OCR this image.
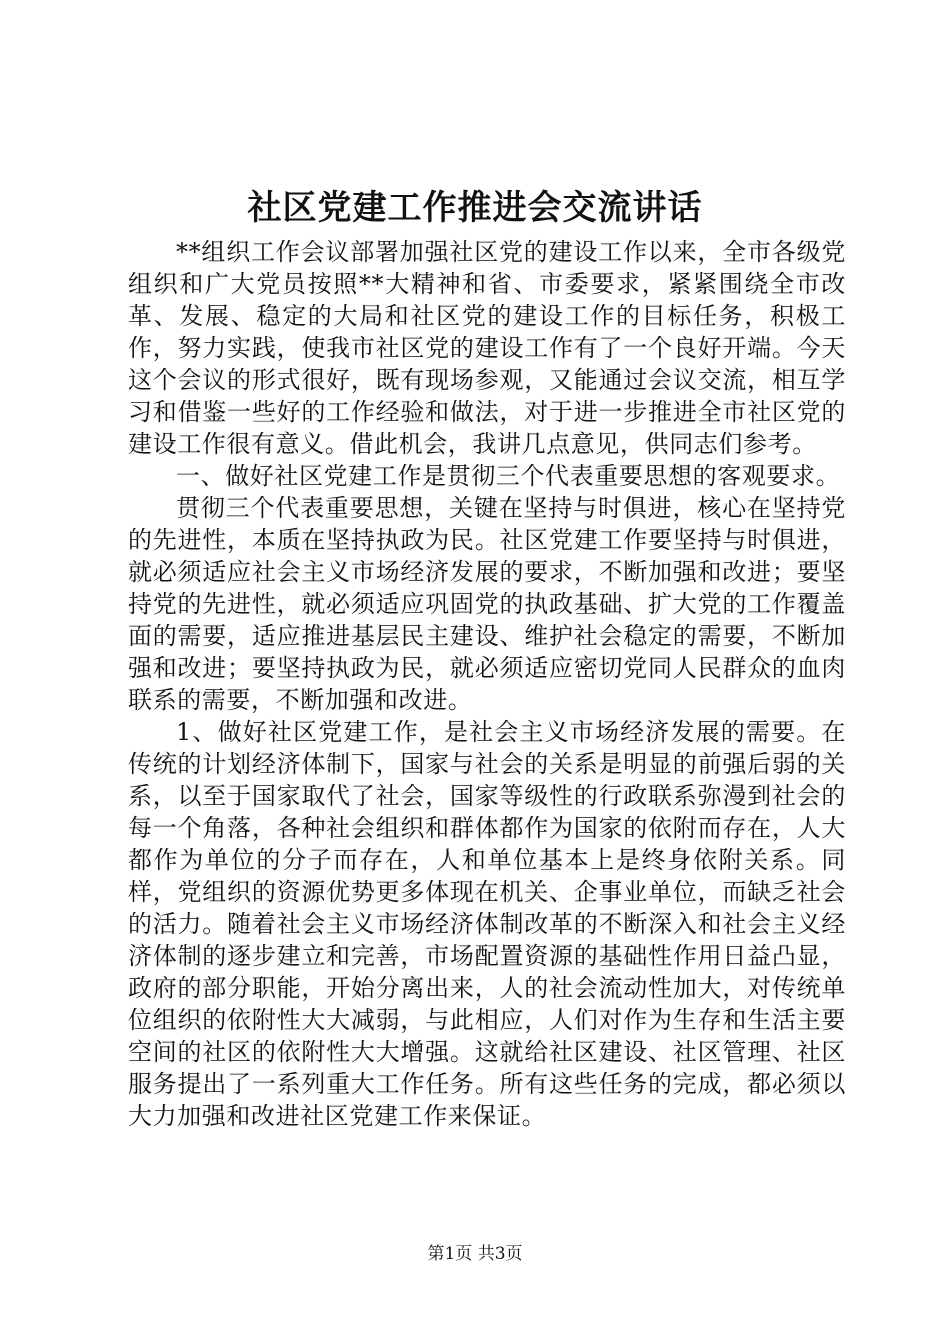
社区党建工作推进会交流讲话

**组织工作会议部署加强社区党的建设工作以来，全市各级党组织和广大党员按照**大精神和省、市委要求，紧紧围绕全市改革、发展、稳定的大局和社区党的建设工作的目标任务，积极工作，努力实践，使我市社区党的建设工作有了一个良好开端。今天这个会议的形式很好，既有现场参观，又能通过会议交流，相互学习和借鉴一些好的工作经验和做法，对于进一步推进全市社区党的建设工作很有意义。借此机会，我讲几点意见，供同志们参考。

一、做好社区党建工作是贯彻三个代表重要思想的客观要求。

贯彻三个代表重要思想，关键在坚持与时俱进，核心在坚持党的先进性，本质在坚持执政为民。社区党建工作要坚持与时俱进，就必须适应社会主义市场经济发展的要求，不断加强和改进；要坚持党的先进性，就必须适应巩固党的执政基础、扩大党的工作覆盖面的需要，适应推进基层民主建设、维护社会稳定的需要，不断加强和改进；要坚持执政为民，就必须适应密切党同人民群众的血肉联系的需要，不断加强和改进。

1、做好社区党建工作，是社会主义市场经济发展的需要。在传统的计划经济体制下，国家与社会的关系是明显的前强后弱的关系，以至于国家取代了社会，国家等级性的行政联系弥漫到社会的每一个角落，各种社会组织和群体都作为国家的依附而存在，人大都作为单位的分子而存在，人和单位基本上是终身依附关系。同样，党组织的资源优势更多体现在机关、企事业单位，而缺乏社会的活力。随着社会主义市场经济体制改革的不断深入和社会主义经济体制的逐步建立和完善，市场配置资源的基础性作用日益凸显，政府的部分职能，开始分离出来，人的社会流动性加大，对传统单位组织的依附性大大减弱，与此相应，人们对作为生存和生活主要空间的社区的依附性大大增强。这就给社区建设、社区管理、社区服务提出了一系列重大工作任务。所有这些任务的完成，都必须以大力加强和改进社区党建工作来保证。

第1页 共3页
